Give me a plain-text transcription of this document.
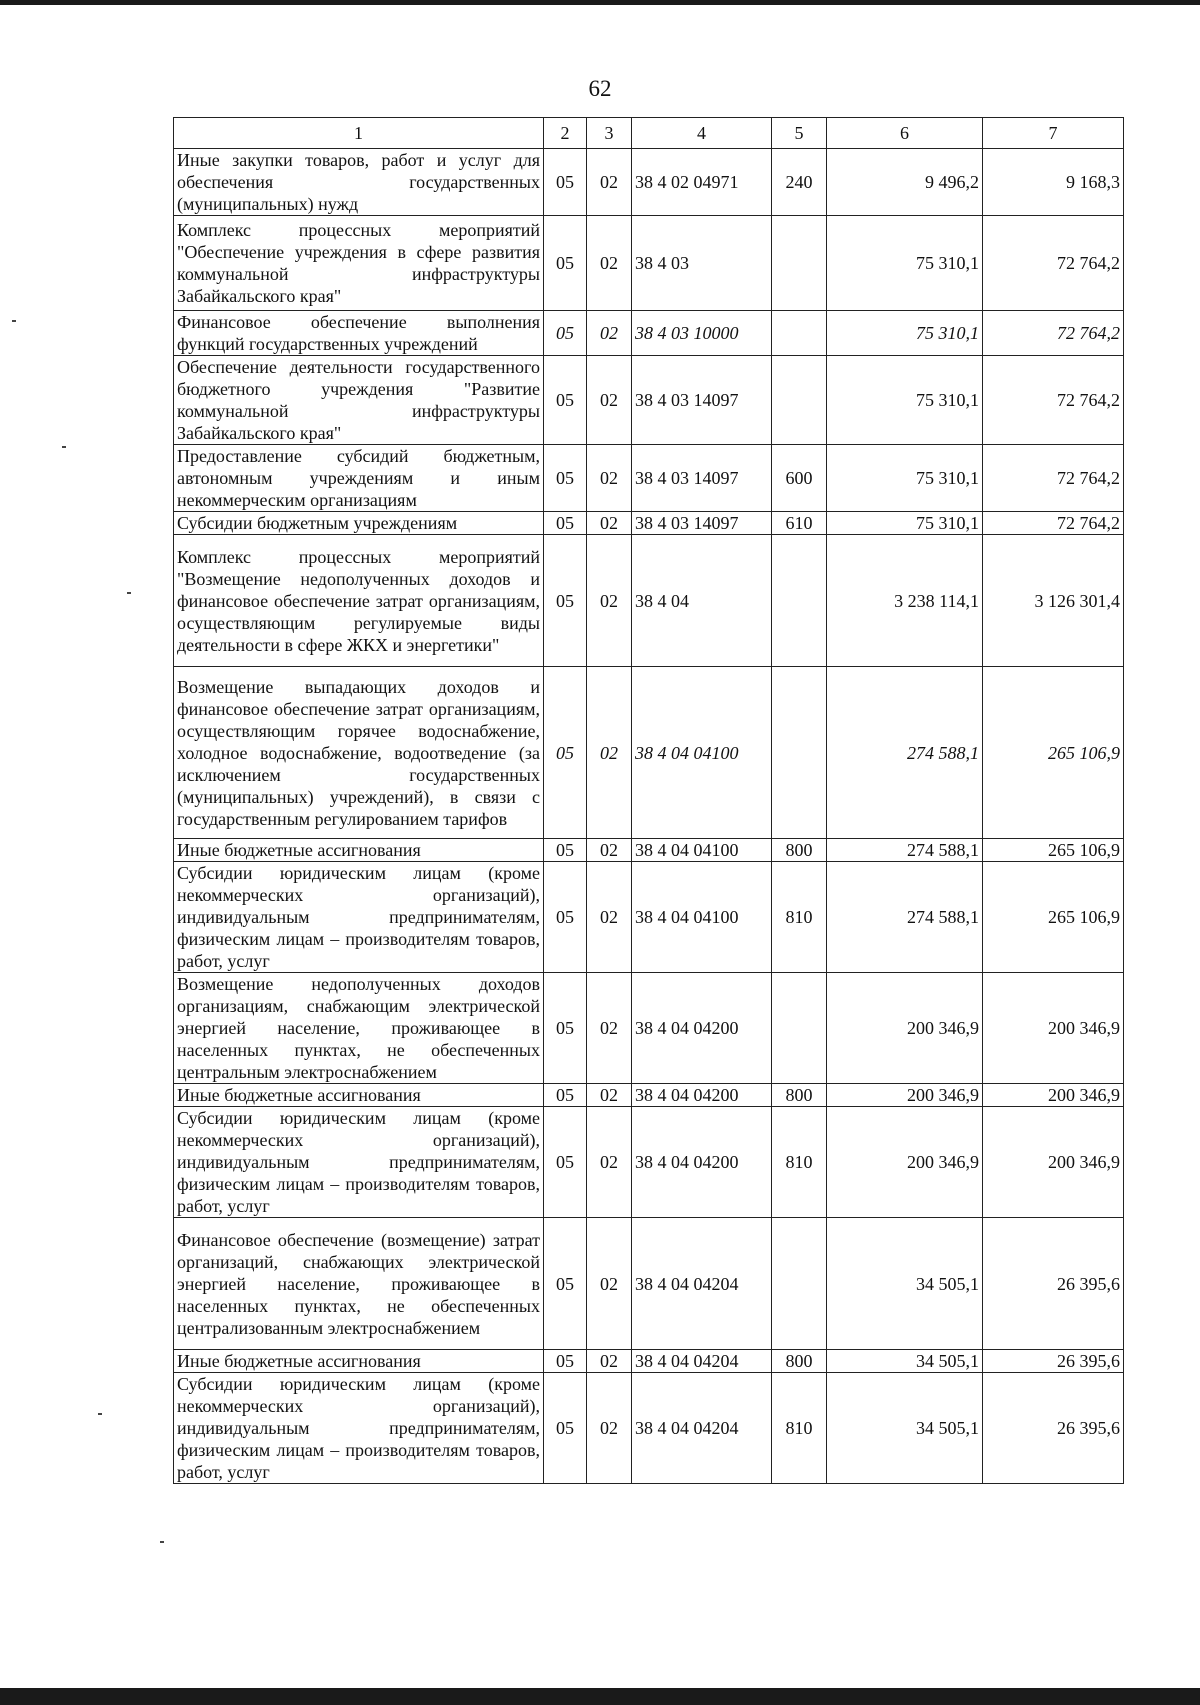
62
1	2	3	4	5	6	7
Иные закупки товаров, работ и услуг для обеспечения государственных (муниципальных) нужд	05	02	38 4 02 04971	240	9 496,2	9 168,3
Комплекс процессных мероприятий "Обеспечение учреждения в сфере развития коммунальной инфраструктуры Забайкальского края"	05	02	38 4 03		75 310,1	72 764,2
Финансовое обеспечение выполнения функций государственных учреждений	05	02	38 4 03 10000		75 310,1	72 764,2
Обеспечение деятельности государственного бюджетного учреждения "Развитие коммунальной инфраструктуры Забайкальского края"	05	02	38 4 03 14097		75 310,1	72 764,2
Предоставление субсидий бюджетным, автономным учреждениям и иным некоммерческим организациям	05	02	38 4 03 14097	600	75 310,1	72 764,2
Субсидии бюджетным учреждениям	05	02	38 4 03 14097	610	75 310,1	72 764,2
Комплекс процессных мероприятий "Возмещение недополученных доходов и финансовое обеспечение затрат организациям, осуществляющим регулируемые виды деятельности в сфере ЖКХ и энергетики"	05	02	38 4 04		3 238 114,1	3 126 301,4
Возмещение выпадающих доходов и финансовое обеспечение затрат организациям, осуществляющим горячее водоснабжение, холодное водоснабжение, водоотведение (за исключением государственных (муниципальных) учреждений), в связи с государственным регулированием тарифов	05	02	38 4 04 04100		274 588,1	265 106,9
Иные бюджетные ассигнования	05	02	38 4 04 04100	800	274 588,1	265 106,9
Субсидии юридическим лицам (кроме некоммерческих организаций), индивидуальным предпринимателям, физическим лицам – производителям товаров, работ, услуг	05	02	38 4 04 04100	810	274 588,1	265 106,9
Возмещение недополученных доходов организациям, снабжающим электрической энергией население, проживающее в населенных пунктах, не обеспеченных центральным электроснабжением	05	02	38 4 04 04200		200 346,9	200 346,9
Иные бюджетные ассигнования	05	02	38 4 04 04200	800	200 346,9	200 346,9
Субсидии юридическим лицам (кроме некоммерческих организаций), индивидуальным предпринимателям, физическим лицам – производителям товаров, работ, услуг	05	02	38 4 04 04200	810	200 346,9	200 346,9
Финансовое обеспечение (возмещение) затрат организаций, снабжающих электрической энергией население, проживающее в населенных пунктах, не обеспеченных централизованным электроснабжением	05	02	38 4 04 04204		34 505,1	26 395,6
Иные бюджетные ассигнования	05	02	38 4 04 04204	800	34 505,1	26 395,6
Субсидии юридическим лицам (кроме некоммерческих организаций), индивидуальным предпринимателям, физическим лицам – производителям товаров, работ, услуг	05	02	38 4 04 04204	810	34 505,1	26 395,6
